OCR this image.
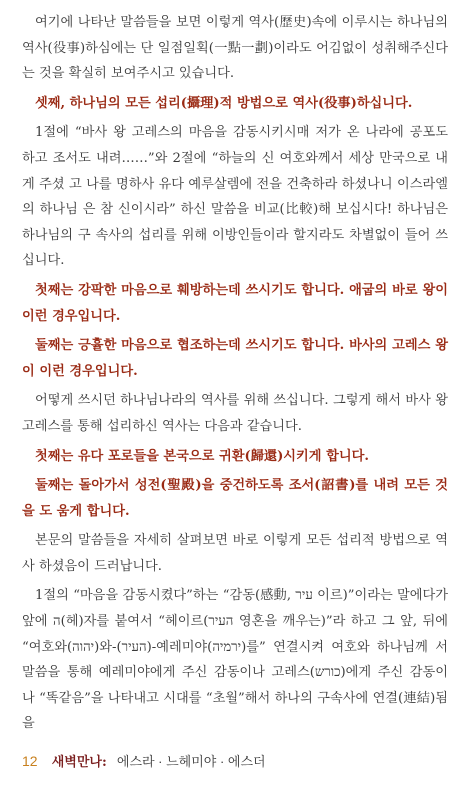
여기에 나타난 말씀들을 보면 이렇게 역사(歷史)속에 이루시는 하나님의 역사(役事)하심에는 단 일점일획(一點一劃)이라도 어김없이 성취해주신다는 것을 확실히 보여주시고 있습니다.
셋째, 하나님의 모든 섭리(攝理)적 방법으로 역사(役事)하십니다.
1절에 “바사 왕 고레스의 마음을 감동시키시매 저가 온 나라에 공포도 하고 조서도 내려……”와 2절에 “하늘의 신 여호와께서 세상 만국으로 내게 주셨 고 나를 명하사 유다 예루살렘에 전을 건축하라 하셨나니 이스라엘의 하나님 은 참 신이시라” 하신 말씀을 비교(比較)해 보십시다! 하나님은 하나님의 구 속사의 섭리를 위해 이방인들이라 할지라도 차별없이 들어 쓰십니다.
첫째는 강팍한 마음으로 훼방하는데 쓰시기도 합니다. 애굽의 바로 왕이 이런 경우입니다.
둘째는 긍휼한 마음으로 협조하는데 쓰시기도 합니다. 바사의 고레스 왕이 이런 경우입니다.
어떻게 쓰시던 하나님나라의 역사를 위해 쓰십니다. 그렇게 해서 바사 왕 고레스를 통해 섭리하신 역사는 다음과 같습니다.
첫째는 유다 포로들을 본국으로 귀환(歸還)시키게 합니다.
둘째는 돌아가서 성전(聖殿)을 중건하도록 조서(詔書)를 내려 모든 것을 도 움게 합니다.
본문의 말씀들을 자세히 살펴보면 바로 이렇게 모든 섭리적 방법으로 역사 하셨음이 드러납니다.
1절의 “마음을 감동시켰다”하는 “감동(感動, עיר 이르)”이라는 말에다가 앞에 ה(헤)자를 붙여서 “헤이르(העיר 영혼을 깨우는)”라 하고 그 앞, 뒤에 “여호와(יהוה)와-(העיר)-예레미야(ירמיה)를” 연결시켜 여호와 하나님께 서 말씀을 통해 예레미야에게 주신 감동이나 고레스(כורש)에게 주신 감동이 나 “똑같음”을 나타내고 시대를 “초월”해서 하나의 구속사에 연결(連結)됨을
12 새벽만나: 에스라 · 느헤미야 · 에스더
